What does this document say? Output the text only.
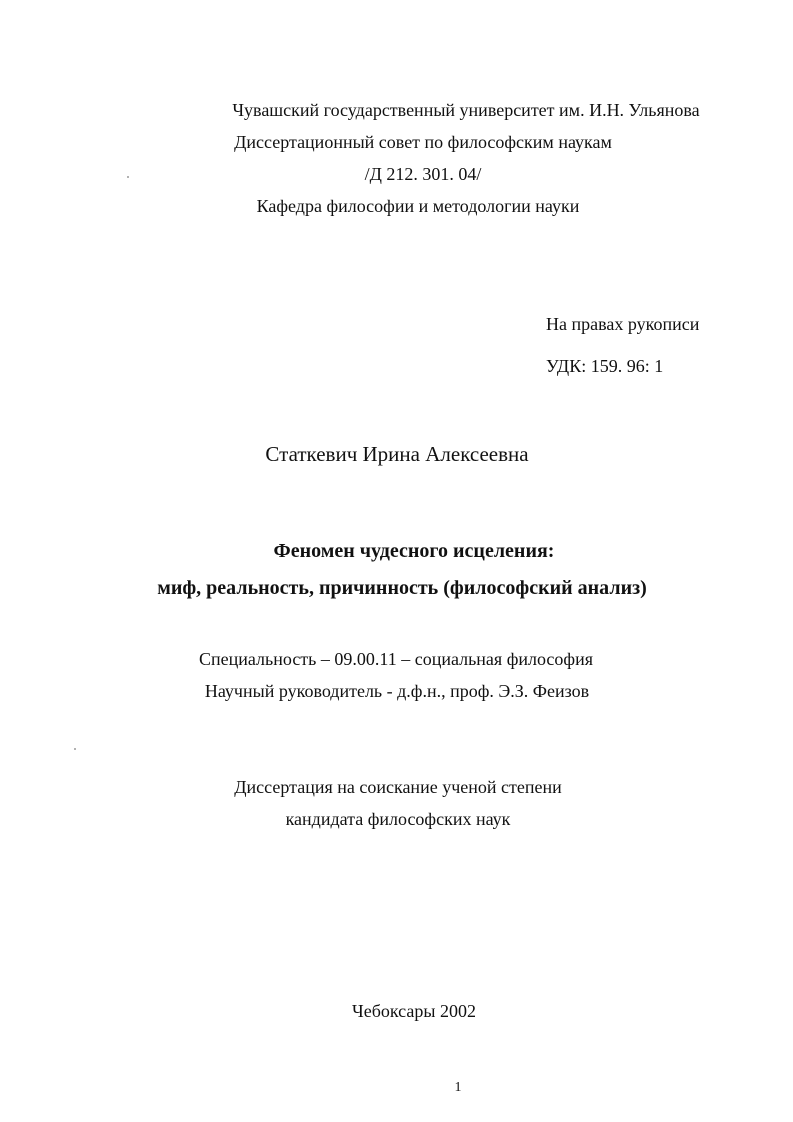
Чувашский государственный университет им. И.Н. Ульянова
Диссертационный совет по философским наукам
/Д 212. 301. 04/
Кафедра философии и методологии науки
На правах рукописи
УДК: 159. 96: 1
Статкевич Ирина Алексеевна
Феномен чудесного исцеления:
миф, реальность, причинность (философский анализ)
Специальность – 09.00.11 – социальная философия
Научный руководитель - д.ф.н., проф. Э.З. Феизов
Диссертация на соискание ученой степени
кандидата философских наук
Чебоксары 2002
1
